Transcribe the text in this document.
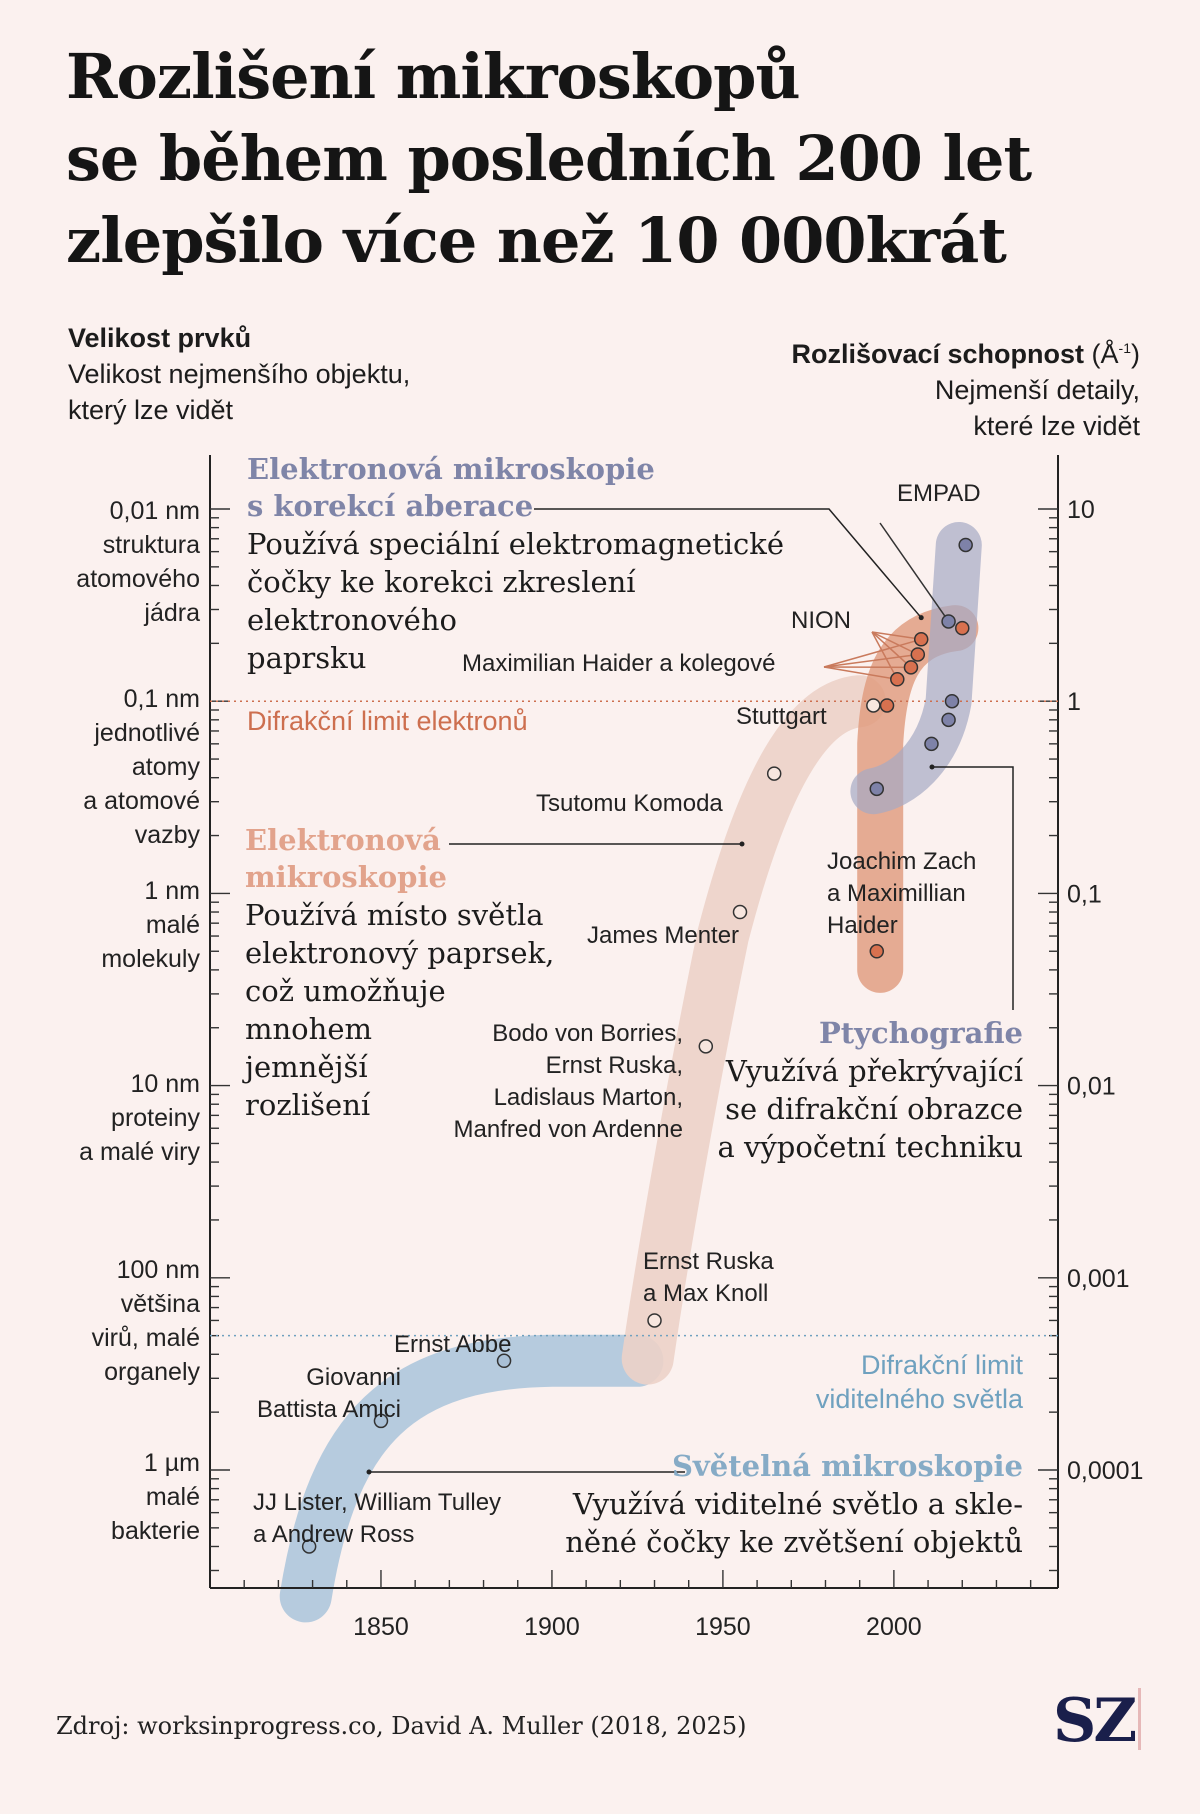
Rozlišení mikroskopů
se během posledních 200 let
zlepšilo více než 10 000krát
Velikost prvků
Velikost nejmenšího objektu,
který lze vidět
Rozlišovací schopnost $(Å^{-1})$
Nejmenší detaily,
které lze vidět
1850	1900	1950	2000
10
1
0,1
0,01
0,001
0,0001
0,01 nm
struktura
atomového
jádra
0,1 nm
jednotlivé
atomy
a atomové
vazby
1 nm
malé
molekuly
10 nm
proteiny
a malé viry
100 nm
většina
virů, malé
organely
1 µm
malé
bakterie
Elektronová mikroskopie
s korekcí aberace
Používá speciální elektromagnetické
čočky ke korekci zkreslení
elektronového
paprsku
Difrakční limit elektronů
Elektronová
mikroskopie
Používá místo světla
elektronový paprsek,
což umožňuje
mnohem
jemnější
rozlišení
Ptychografie
Využívá překrývající
se difrakční obrazce
a výpočetní techniku
Difrakční limit
viditelného světla
Světelná mikroskopie
Využívá viditelné světlo a skle-
něné čočky ke zvětšení objektů
EMPAD
NION
Maximilian Haider a kolegové
Stuttgart
Tsutomu Komoda
James Menter
Joachim Zach
a Maximillian
Haider
Bodo von Borries,
Ernst Ruska,
Ladislaus Marton,
Manfred von Ardenne
Ernst Ruska
a Max Knoll
Ernst Abbe
Giovanni
Battista Amici
JJ Lister, William Tulley
a Andrew Ross
Zdroj: worksinprogress.co, David A. Muller (2018, 2025)	SZ
